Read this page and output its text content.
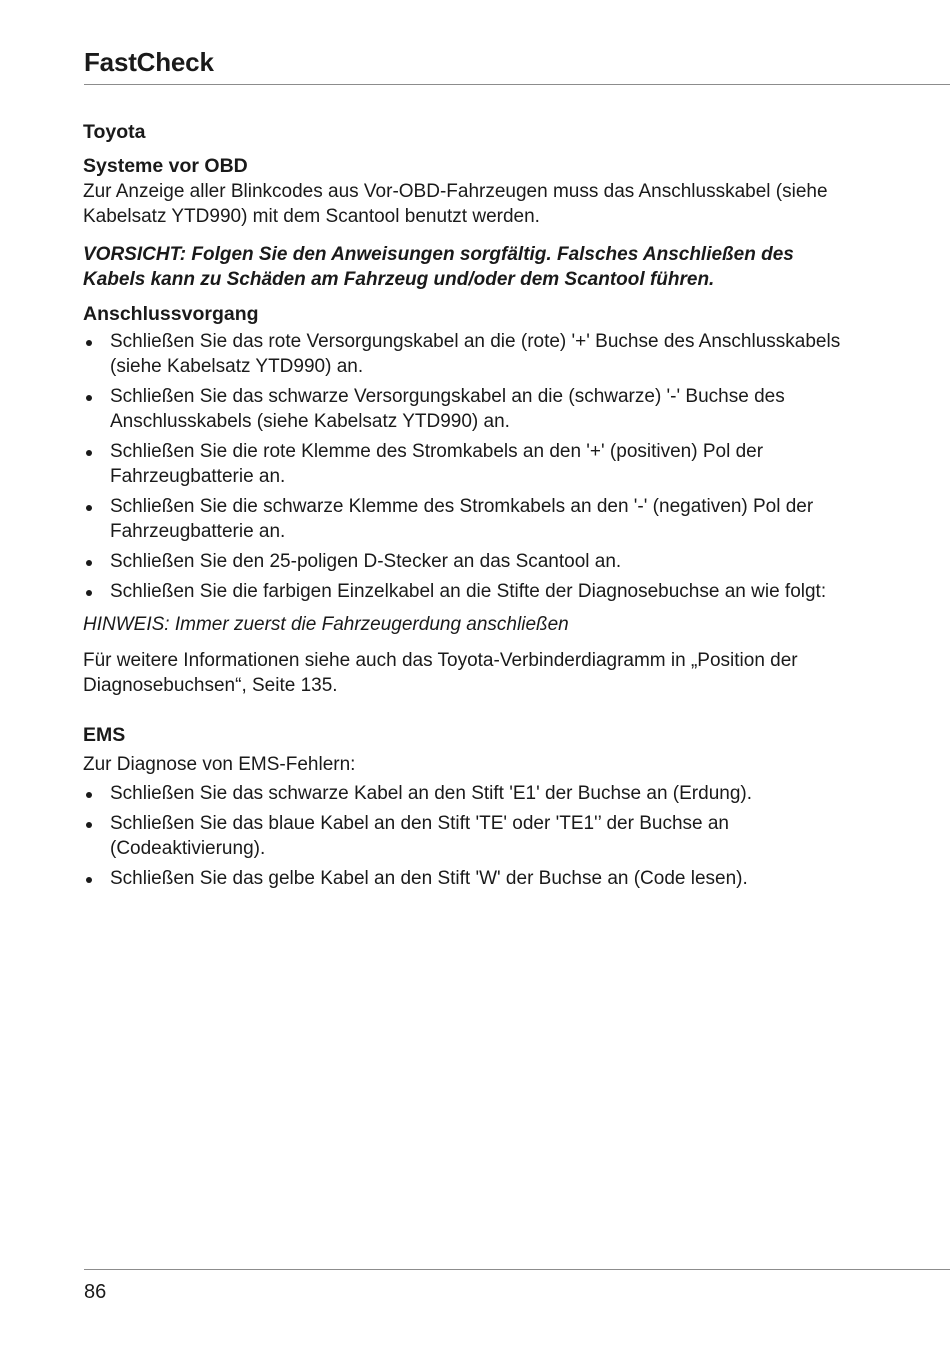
FastCheck
Toyota
Systeme vor OBD

Zur Anzeige aller Blinkcodes aus Vor-OBD-Fahrzeugen muss das Anschlusskabel (siehe Kabelsatz YTD990) mit dem Scantool benutzt werden.

VORSICHT: Folgen Sie den Anweisungen sorgfältig. Falsches Anschließen des Kabels kann zu Schäden am Fahrzeug und/oder dem Scantool führen.

Anschlussvorgang
Schließen Sie das rote Versorgungskabel an die (rote) '+' Buchse des Anschlusskabels (siehe Kabelsatz YTD990) an.
Schließen Sie das schwarze Versorgungskabel an die (schwarze) '-' Buchse des Anschlusskabels (siehe Kabelsatz YTD990) an.
Schließen Sie die rote Klemme des Stromkabels an den '+' (positiven) Pol der Fahrzeugbatterie an.
Schließen Sie die schwarze Klemme des Stromkabels an den '-' (negativen) Pol der Fahrzeugbatterie an.
Schließen Sie den 25-poligen D-Stecker an das Scantool an.
Schließen Sie die farbigen Einzelkabel an die Stifte der Diagnosebuchse an wie folgt:

HINWEIS: Immer zuerst die Fahrzeugerdung anschließen

Für weitere Informationen siehe auch das Toyota-Verbinderdiagramm in „Position der Diagnosebuchsen“, Seite 135.

EMS

Zur Diagnose von EMS-Fehlern:

Schließen Sie das schwarze Kabel an den Stift 'E1' der Buchse an (Erdung).
Schließen Sie das blaue Kabel an den Stift 'TE' oder 'TE1'’ der Buchse an (Codeaktivierung).
Schließen Sie das gelbe Kabel an den Stift 'W' der Buchse an (Code lesen).

86
